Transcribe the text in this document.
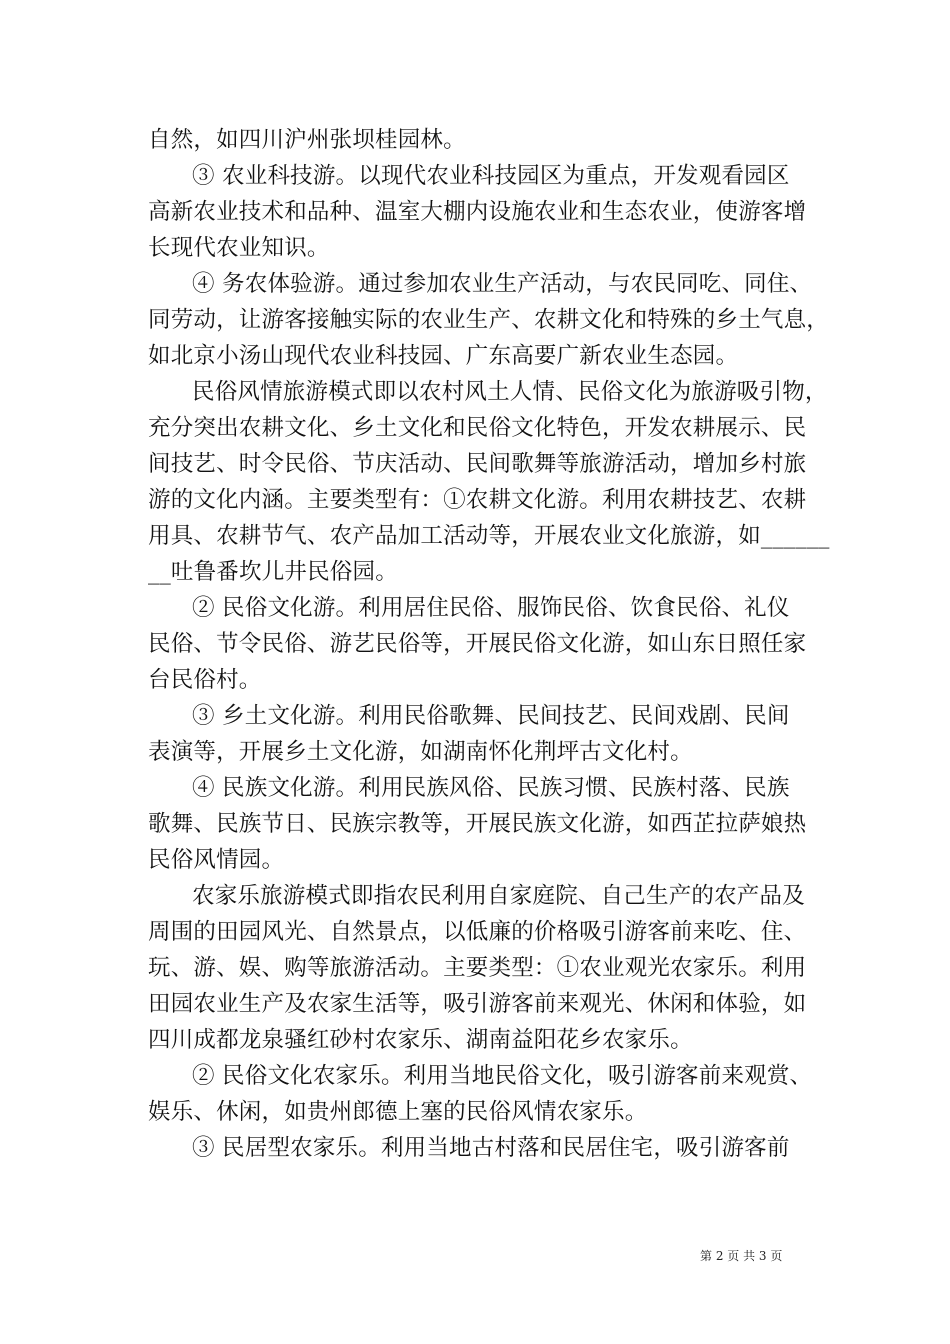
自然，如四川沪州张坝桂园林。
③ 农业科技游。以现代农业科技园区为重点，开发观看园区
高新农业技术和品种、温室大棚内设施农业和生态农业，使游客增
长现代农业知识。
④ 务农体验游。通过参加农业生产活动，与农民同吃、同住、
同劳动，让游客接触实际的农业生产、农耕文化和特殊的乡土气息，
如北京小汤山现代农业科技园、广东高要广新农业生态园。
民俗风情旅游模式即以农村风土人情、民俗文化为旅游吸引物，
充分突出农耕文化、乡土文化和民俗文化特色，开发农耕展示、民
间技艺、时令民俗、节庆活动、民间歌舞等旅游活动，增加乡村旅
游的文化内涵。主要类型有：①农耕文化游。利用农耕技艺、农耕
用具、农耕节气、农产品加工活动等，开展农业文化旅游，如______
__吐鲁番坎儿井民俗园。
② 民俗文化游。利用居住民俗、服饰民俗、饮食民俗、礼仪
民俗、节令民俗、游艺民俗等，开展民俗文化游，如山东日照任家
台民俗村。
③ 乡土文化游。利用民俗歌舞、民间技艺、民间戏剧、民间
表演等，开展乡土文化游，如湖南怀化荆坪古文化村。
④ 民族文化游。利用民族风俗、民族习惯、民族村落、民族
歌舞、民族节日、民族宗教等，开展民族文化游，如西芷拉萨娘热
民俗风情园。
农家乐旅游模式即指农民利用自家庭院、自己生产的农产品及
周围的田园风光、自然景点，以低廉的价格吸引游客前来吃、住、
玩、游、娱、购等旅游活动。主要类型：①农业观光农家乐。利用
田园农业生产及农家生活等，吸引游客前来观光、休闲和体验，如
四川成都龙泉骚红砂村农家乐、湖南益阳花乡农家乐。
② 民俗文化农家乐。利用当地民俗文化，吸引游客前来观赏、
娱乐、休闲，如贵州郎德上塞的民俗风情农家乐。
③ 民居型农家乐。利用当地古村落和民居住宅，吸引游客前
第 2 页 共 3 页
